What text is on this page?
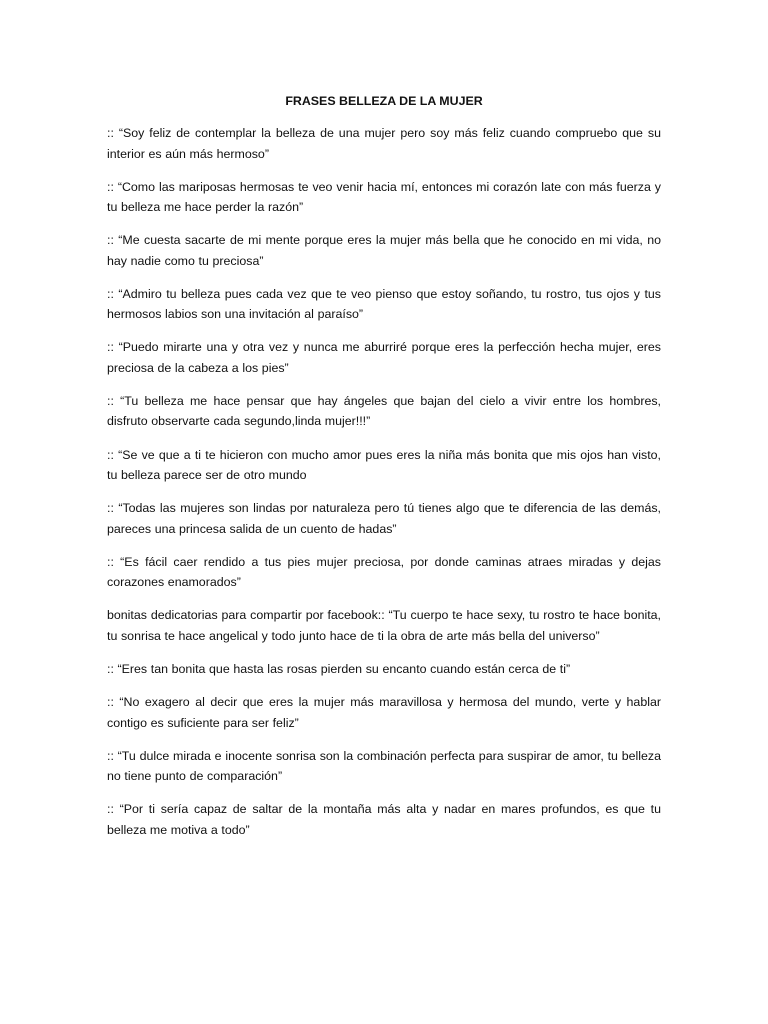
FRASES BELLEZA DE LA MUJER

:: “Soy feliz de contemplar la belleza de una mujer pero soy más feliz cuando compruebo que su interior es aún más hermoso”

:: “Como las mariposas hermosas te veo venir hacia mí, entonces mi corazón late con más fuerza y tu belleza me hace perder la razón”

:: “Me cuesta sacarte de mi mente porque eres la mujer más bella que he conocido en mi vida, no hay nadie como tu preciosa”

:: “Admiro tu belleza pues cada vez que te veo pienso que estoy soñando, tu rostro, tus ojos y tus hermosos labios son una invitación al paraíso”

:: “Puedo mirarte una y otra vez y nunca me aburriré porque eres la perfección hecha mujer, eres preciosa de la cabeza a los pies”

:: “Tu belleza me hace pensar que hay ángeles que bajan del cielo a vivir entre los hombres, disfruto observarte cada segundo,linda mujer!!!”

:: “Se ve que a ti te hicieron con mucho amor pues eres la niña más bonita que mis ojos han visto, tu belleza parece ser de otro mundo

:: “Todas las mujeres son lindas por naturaleza pero tú tienes algo que te diferencia de las demás, pareces una princesa salida de un cuento de hadas”

:: “Es fácil caer rendido a tus pies mujer preciosa, por donde caminas atraes miradas y dejas corazones enamorados”

bonitas dedicatorias para compartir por facebook:: “Tu cuerpo te hace sexy, tu rostro te hace bonita, tu sonrisa te hace angelical y todo junto hace de ti la obra de arte más bella del universo”

:: “Eres tan bonita que hasta las rosas pierden su encanto cuando están cerca de ti”

:: “No exagero al decir que eres la mujer más maravillosa y hermosa del mundo, verte y hablar contigo es suficiente para ser feliz”

:: “Tu dulce mirada e inocente sonrisa son la combinación perfecta para suspirar de amor, tu belleza no tiene punto de comparación”

:: “Por ti sería capaz de saltar de la montaña más alta y nadar en mares profundos, es que tu belleza me motiva a todo”
